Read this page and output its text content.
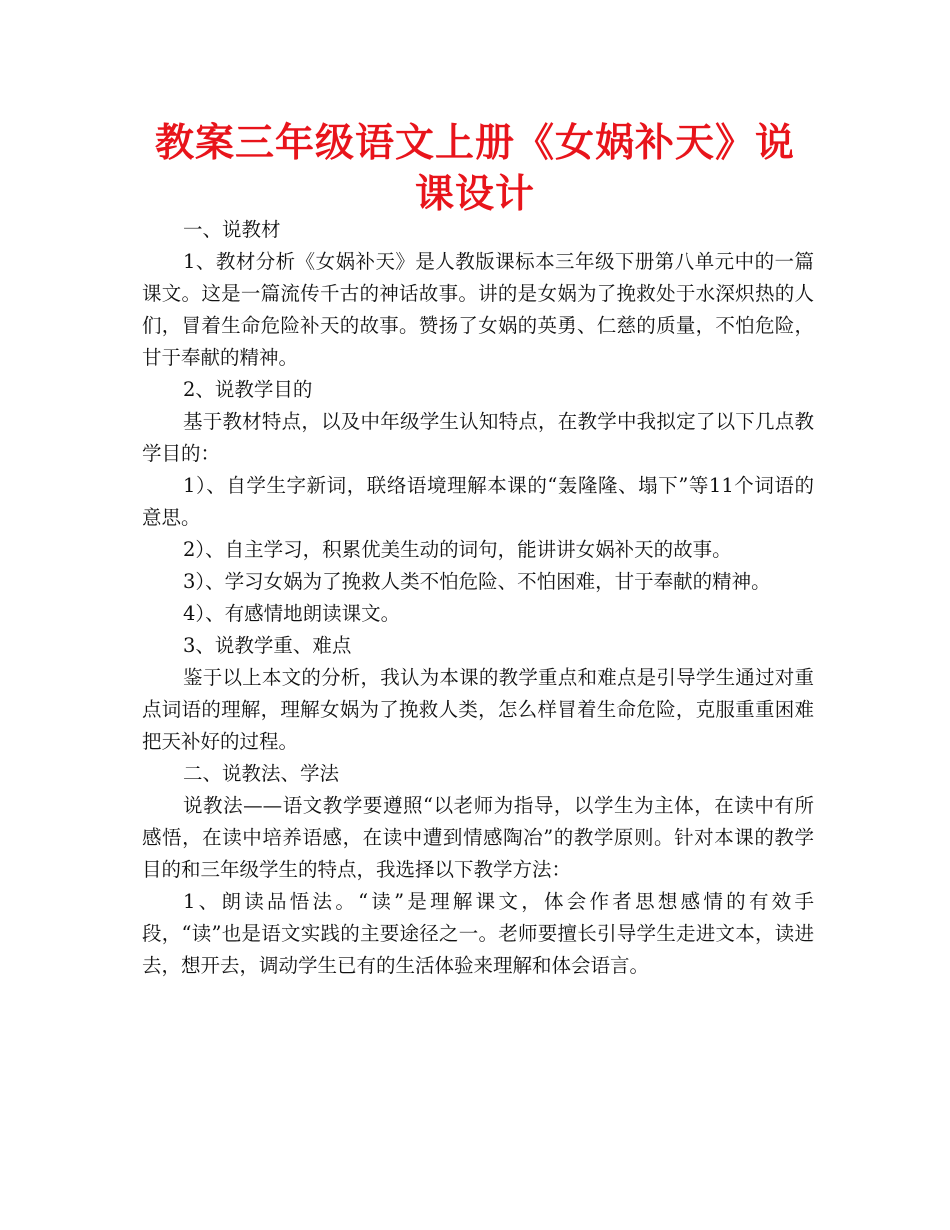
教案三年级语文上册《女娲补天》说课设计

一、说教材

1、教材分析《女娲补天》是人教版课标本三年级下册第八单元中的一篇课文。这是一篇流传千古的神话故事。讲的是女娲为了挽救处于水深炽热的人们，冒着生命危险补天的故事。赞扬了女娲的英勇、仁慈的质量，不怕危险，甘于奉献的精神。

2、说教学目的

基于教材特点，以及中年级学生认知特点，在教学中我拟定了以下几点教学目的：

1）、自学生字新词，联络语境理解本课的“轰隆隆、塌下”等11个词语的意思。

2）、自主学习，积累优美生动的词句，能讲讲女娲补天的故事。

3）、学习女娲为了挽救人类不怕危险、不怕困难，甘于奉献的精神。

4）、有感情地朗读课文。

3、说教学重、难点

鉴于以上本文的分析，我认为本课的教学重点和难点是引导学生通过对重点词语的理解，理解女娲为了挽救人类，怎么样冒着生命危险，克服重重困难把天补好的过程。

二、说教法、学法

说教法——语文教学要遵照“以老师为指导，以学生为主体，在读中有所感悟，在读中培养语感，在读中遭到情感陶冶”的教学原则。针对本课的教学目的和三年级学生的特点，我选择以下教学方法：

1、朗读品悟法。“读”是理解课文，体会作者思想感情的有效手段，“读”也是语文实践的主要途径之一。老师要擅长引导学生走进文本，读进去，想开去，调动学生已有的生活体验来理解和体会语言。
